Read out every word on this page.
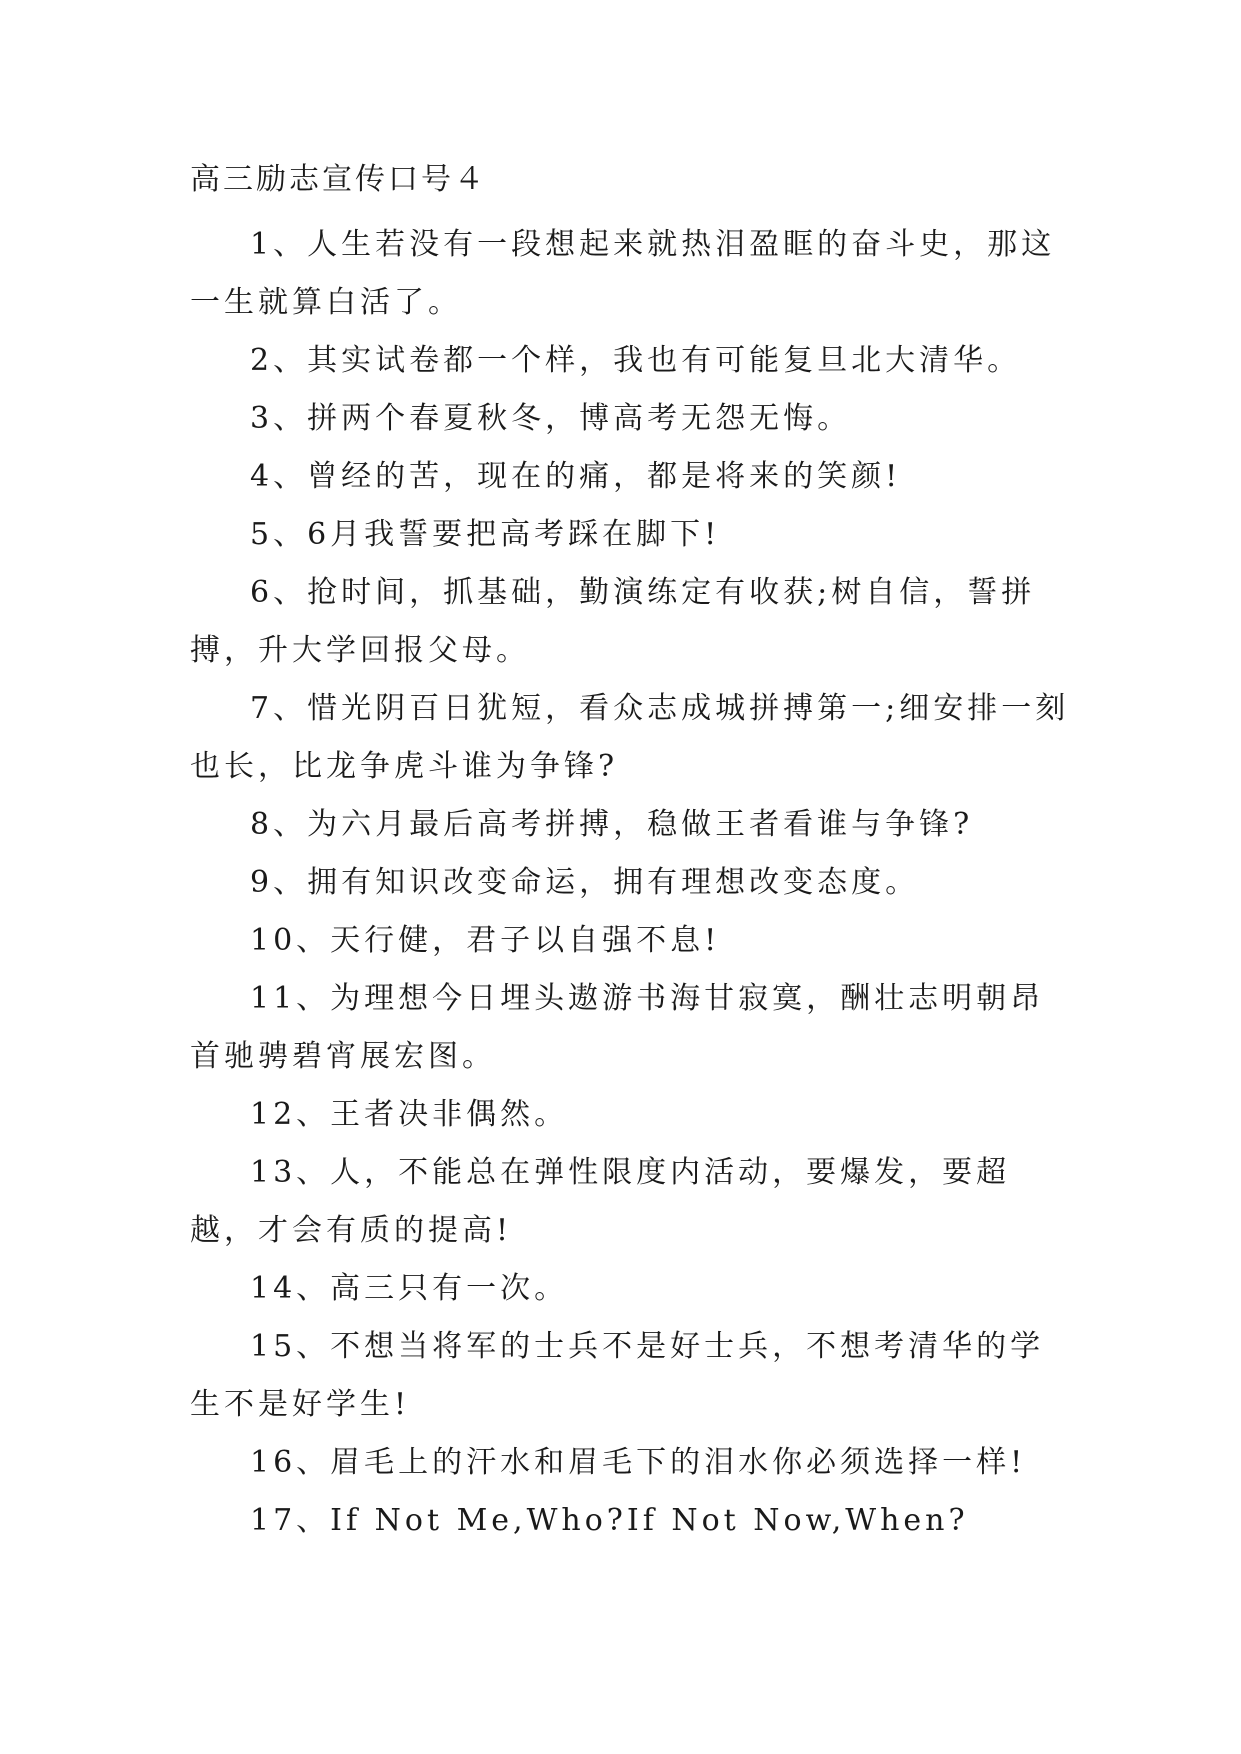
高三励志宣传口号４

1、人生若没有一段想起来就热泪盈眶的奋斗史，那这一生就算白活了。

2、其实试卷都一个样，我也有可能复旦北大清华。

3、拼两个春夏秋冬，博高考无怨无悔。

4、曾经的苦，现在的痛，都是将来的笑颜!

5、6月我誓要把高考踩在脚下!

6、抢时间，抓基础，勤演练定有收获;树自信，誓拼搏，升大学回报父母。

7、惜光阴百日犹短，看众志成城拼搏第一;细安排一刻也长，比龙争虎斗谁为争锋?

8、为六月最后高考拼搏，稳做王者看谁与争锋?

9、拥有知识改变命运，拥有理想改变态度。

10、天行健，君子以自强不息!

11、为理想今日埋头遨游书海甘寂寞，酬壮志明朝昂首驰骋碧宵展宏图。

12、王者决非偶然。

13、人，不能总在弹性限度内活动，要爆发，要超越，才会有质的提高!

14、高三只有一次。

15、不想当将军的士兵不是好士兵，不想考清华的学生不是好学生!

16、眉毛上的汗水和眉毛下的泪水你必须选择一样!

17、If Not Me,Who?If Not Now,When?
